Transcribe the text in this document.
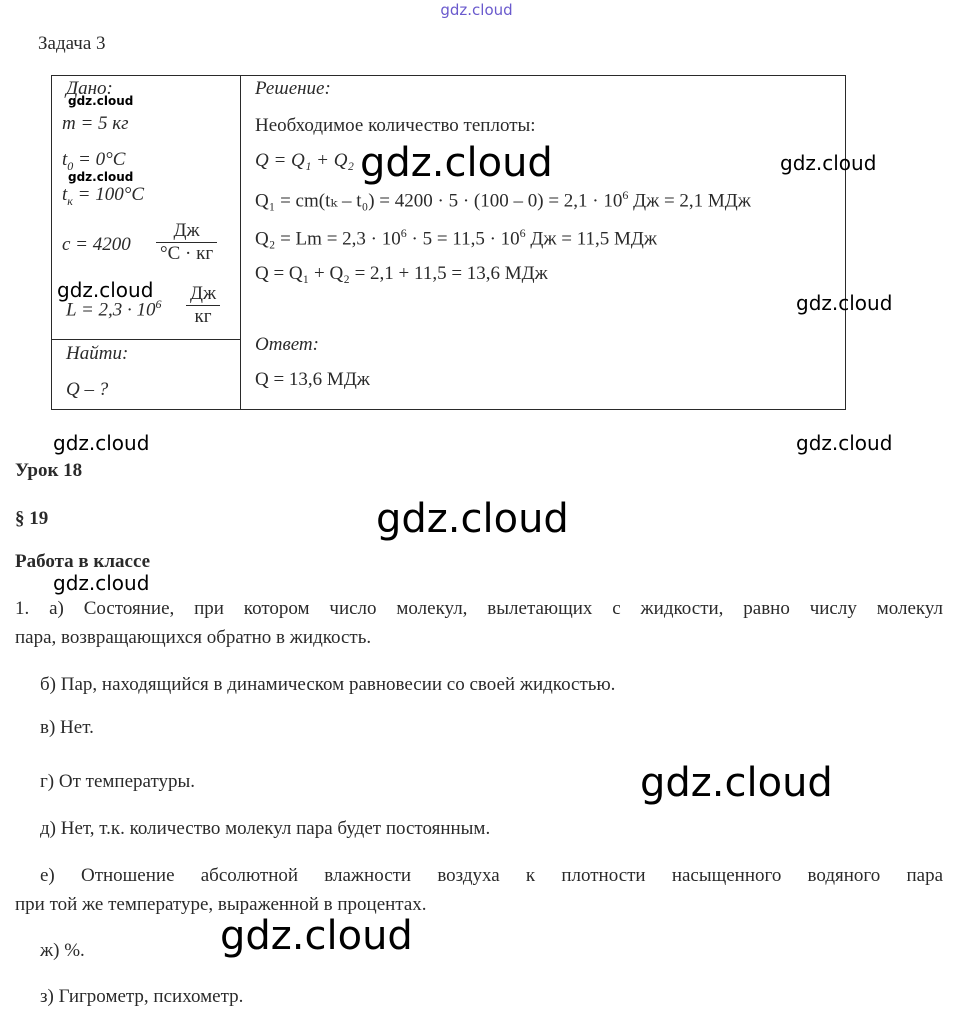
gdz.cloud
Задача 3
Дано:
m = 5 кг
$t_0 = 0^\circ C$
$t_к = 100^\circ C$
c = 4200
Дж
°C · кг
$L = 2,3 \cdot 10^6$ Дж
кг
Найти:
Q – ?
Решение:
Необходимое количество теплоты:
Q = Q₁ + Q₂
$Q_1 = cm(t_k - t_0) = 4200 \cdot 5 \cdot (100 - 0) = 2,1 \cdot 10^6$ Дж = 2,1 МДж
$Q_2 = Lm = 2,3 \cdot 10^6 \cdot 5 = 11,5 \cdot 10^6$ Дж = 11,5 МДж
Q = Q₁ + Q₂ = 2,1 + 11,5 = 13,6 МДж
Ответ:
Q = 13,6 МДж
Урок 18
§ 19
Работа в классе
1. а) Состояние, при котором число молекул, вылетающих с жидкости, равно числу молекул
пара, возвращающихся обратно в жидкость.
б) Пар, находящийся в динамическом равновесии со своей жидкостью.
в) Нет.
г) От температуры.
д) Нет, т.к. количество молекул пара будет постоянным.
е) Отношение абсолютной влажности воздуха к плотности насыщенного водяного пара
при той же температуре, выраженной в процентах.
ж) %.
з) Гигрометр, психометр.
gdz.cloud
gdz.cloud
gdz.cloud
gdz.cloud	gdz.cloud
gdz.cloud
gdz.cloud	gdz.cloud
gdz.cloud
gdz.cloud
gdz.cloud
gdz.cloud
